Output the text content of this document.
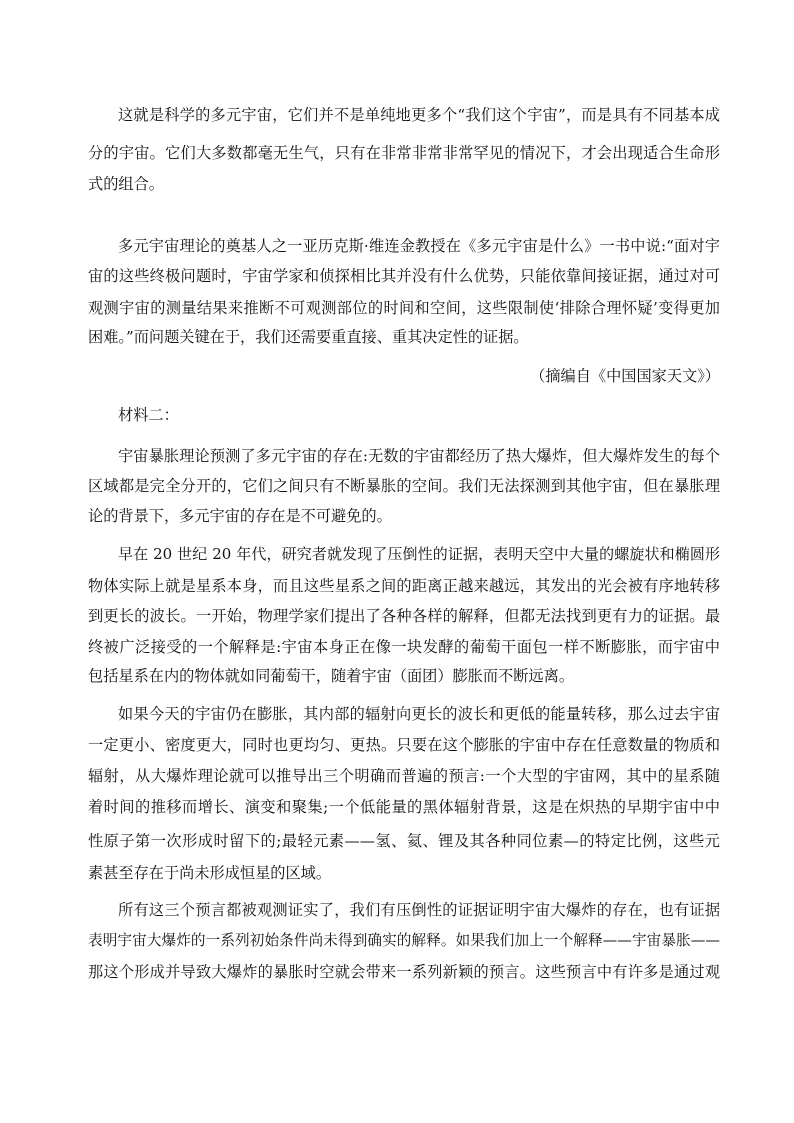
这就是科学的多元宇宙，它们并不是单纯地更多个“我们这个宇宙”，而是具有不同基本成
分的宇宙。它们大多数都毫无生气，只有在非常非常非常罕见的情况下，才会出现适合生命形
式的组合。
多元宇宙理论的奠基人之一亚历克斯·维连金教授在《多元宇宙是什么》一书中说:“面对宇
宙的这些终极问题时，宇宙学家和侦探相比其并没有什么优势，只能依靠间接证据，通过对可
观测宇宙的测量结果来推断不可观测部位的时间和空间，这些限制使‘排除合理怀疑’变得更加
困难。”而问题关键在于，我们还需要重直接、重其决定性的证据。
（摘编自《中国国家天文》）
材料二：
宇宙暴胀理论预测了多元宇宙的存在:无数的宇宙都经历了热大爆炸，但大爆炸发生的每个
区域都是完全分开的，它们之间只有不断暴胀的空间。我们无法探测到其他宇宙，但在暴胀理
论的背景下，多元宇宙的存在是不可避免的。
早在 20 世纪 20 年代，研究者就发现了压倒性的证据，表明天空中大量的螺旋状和椭圆形
物体实际上就是星系本身，而且这些星系之间的距离正越来越远，其发出的光会被有序地转移
到更长的波长。一开始，物理学家们提出了各种各样的解释，但都无法找到更有力的证据。最
终被广泛接受的一个解释是:宇宙本身正在像一块发酵的葡萄干面包一样不断膨胀，而宇宙中
包括星系在内的物体就如同葡萄干，随着宇宙（面团）膨胀而不断远离。
如果今天的宇宙仍在膨胀，其内部的辐射向更长的波长和更低的能量转移，那么过去宇宙
一定更小、密度更大，同时也更均匀、更热。只要在这个膨胀的宇宙中存在任意数量的物质和
辐射，从大爆炸理论就可以推导出三个明确而普遍的预言:一个大型的宇宙网，其中的星系随
着时间的推移而增长、演变和聚集;一个低能量的黑体辐射背景，这是在炽热的早期宇宙中中
性原子第一次形成时留下的;最轻元素——氢、氦、锂及其各种同位素—的特定比例，这些元
素甚至存在于尚未形成恒星的区域。
所有这三个预言都被观测证实了，我们有压倒性的证据证明宇宙大爆炸的存在，也有证据
表明宇宙大爆炸的一系列初始条件尚未得到确实的解释。如果我们加上一个解释——宇宙暴胀——
那这个形成并导致大爆炸的暴胀时空就会带来一系列新颖的预言。这些预言中有许多是通过观
